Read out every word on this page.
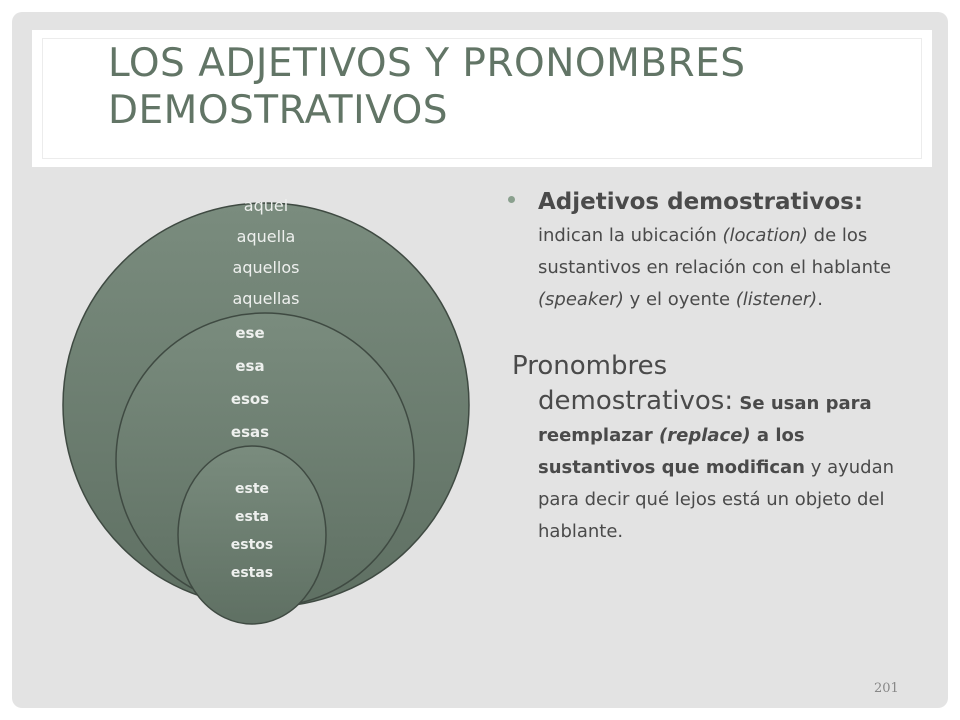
LOS ADJETIVOS Y PRONOMBRES DEMOSTRATIVOS
aquel
aquella
aquellos
aquellas
ese
esa
esos
esas
este
esta
estos
estas

Adjetivos demostrativos: indican la ubicación (location) de los sustantivos en relación con el hablante (speaker) y el oyente (listener).

Pronombres
demostrativos: Se usan para reemplazar (replace) a los sustantivos que modifican y ayudan para decir qué lejos está un objeto del hablante.

201
